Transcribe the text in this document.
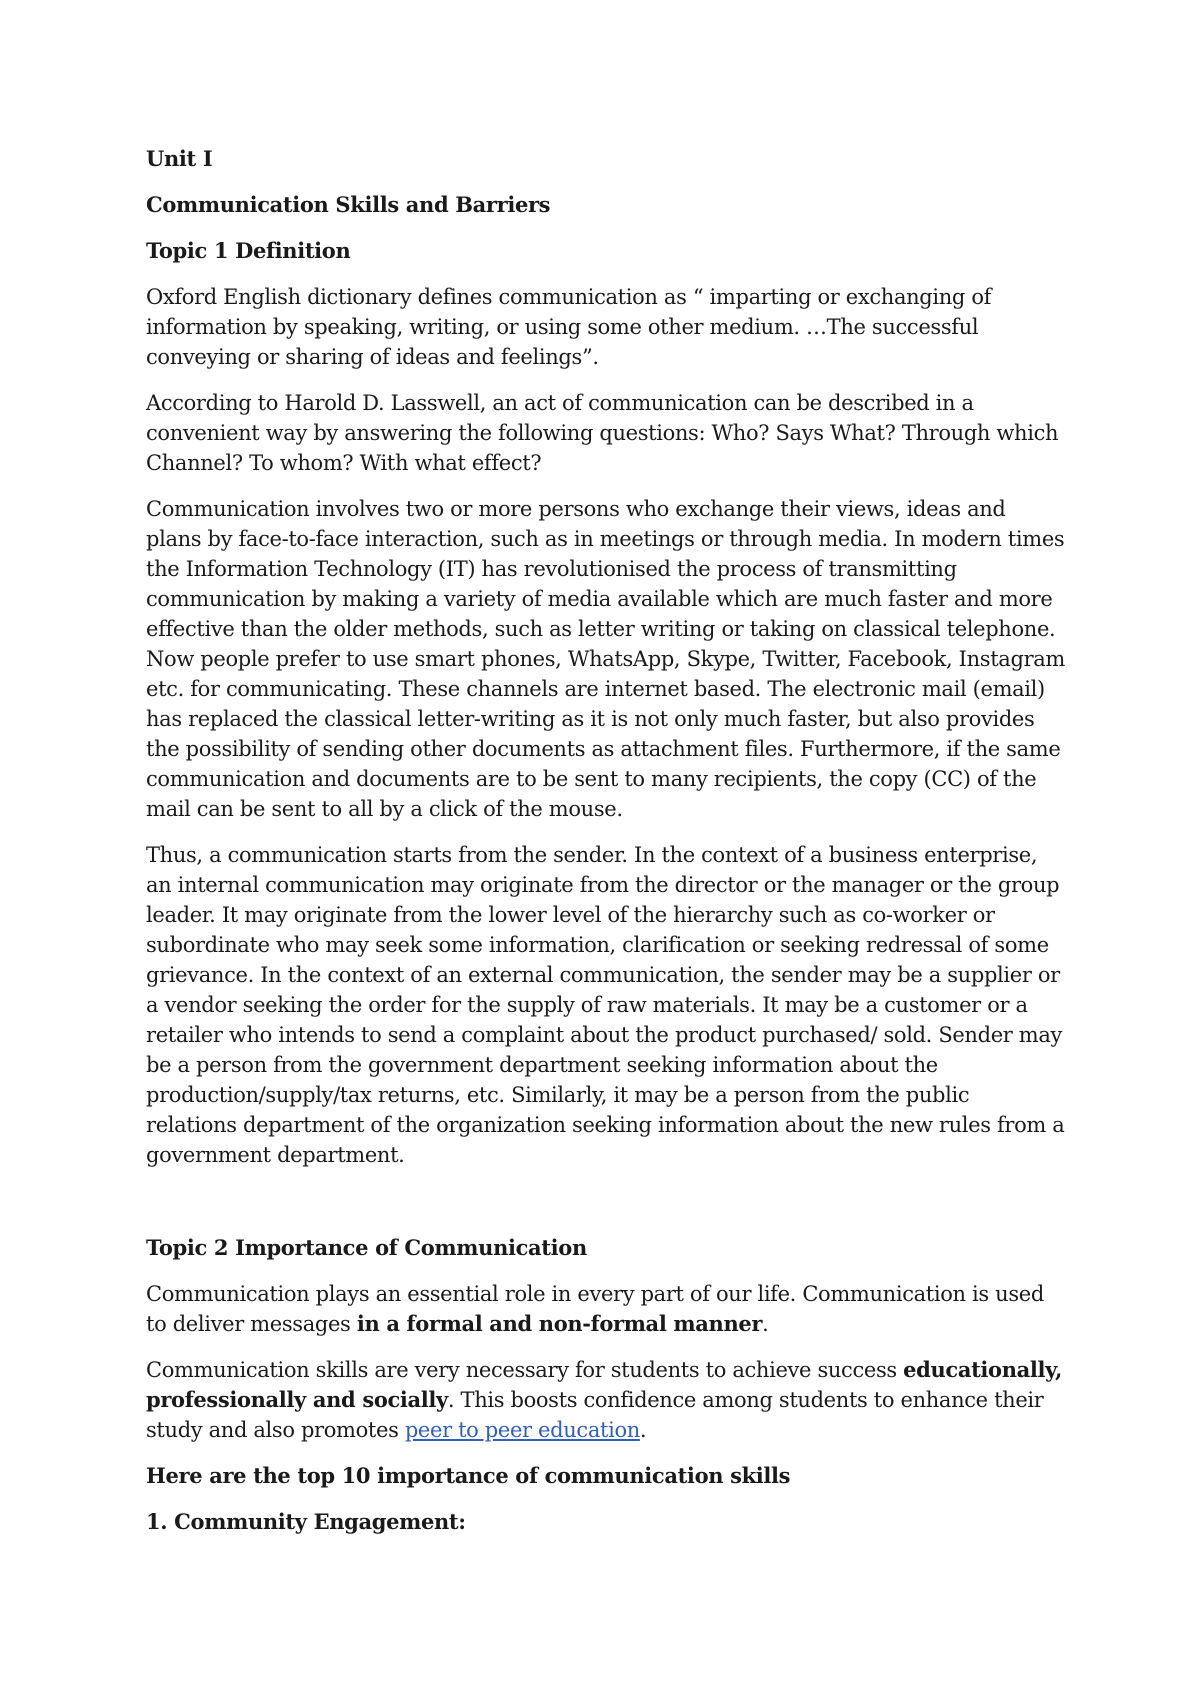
Unit I

Communication Skills and Barriers

Topic 1 Definition

Oxford English dictionary defines communication as “ imparting or exchanging of information by speaking, writing, or using some other medium. …The successful conveying or sharing of ideas and feelings”.

According to Harold D. Lasswell, an act of communication can be described in a convenient way by answering the following questions: Who? Says What? Through which Channel? To whom? With what effect?

Communication involves two or more persons who exchange their views, ideas and plans by face-to-face interaction, such as in meetings or through media. In modern times the Information Technology (IT) has revolutionised the process of transmitting communication by making a variety of media available which are much faster and more effective than the older methods, such as letter writing or taking on classical telephone. Now people prefer to use smart phones, WhatsApp, Skype, Twitter, Facebook, Instagram etc. for communicating. These channels are internet based. The electronic mail (email) has replaced the classical letter-writing as it is not only much faster, but also provides the possibility of sending other documents as attachment files. Furthermore, if the same communication and documents are to be sent to many recipients, the copy (CC) of the mail can be sent to all by a click of the mouse.

Thus, a communication starts from the sender. In the context of a business enterprise, an internal communication may originate from the director or the manager or the group leader. It may originate from the lower level of the hierarchy such as co-worker or subordinate who may seek some information, clarification or seeking redressal of some grievance. In the context of an external communication, the sender may be a supplier or a vendor seeking the order for the supply of raw materials. It may be a customer or a retailer who intends to send a complaint about the product purchased/ sold. Sender may be a person from the government department seeking information about the production/supply/tax returns, etc. Similarly, it may be a person from the public relations department of the organization seeking information about the new rules from a government department.

Topic 2 Importance of Communication

Communication plays an essential role in every part of our life. Communication is used to deliver messages in a formal and non-formal manner.

Communication skills are very necessary for students to achieve success educationally, professionally and socially. This boosts confidence among students to enhance their study and also promotes peer to peer education.

Here are the top 10 importance of communication skills

1. Community Engagement:
